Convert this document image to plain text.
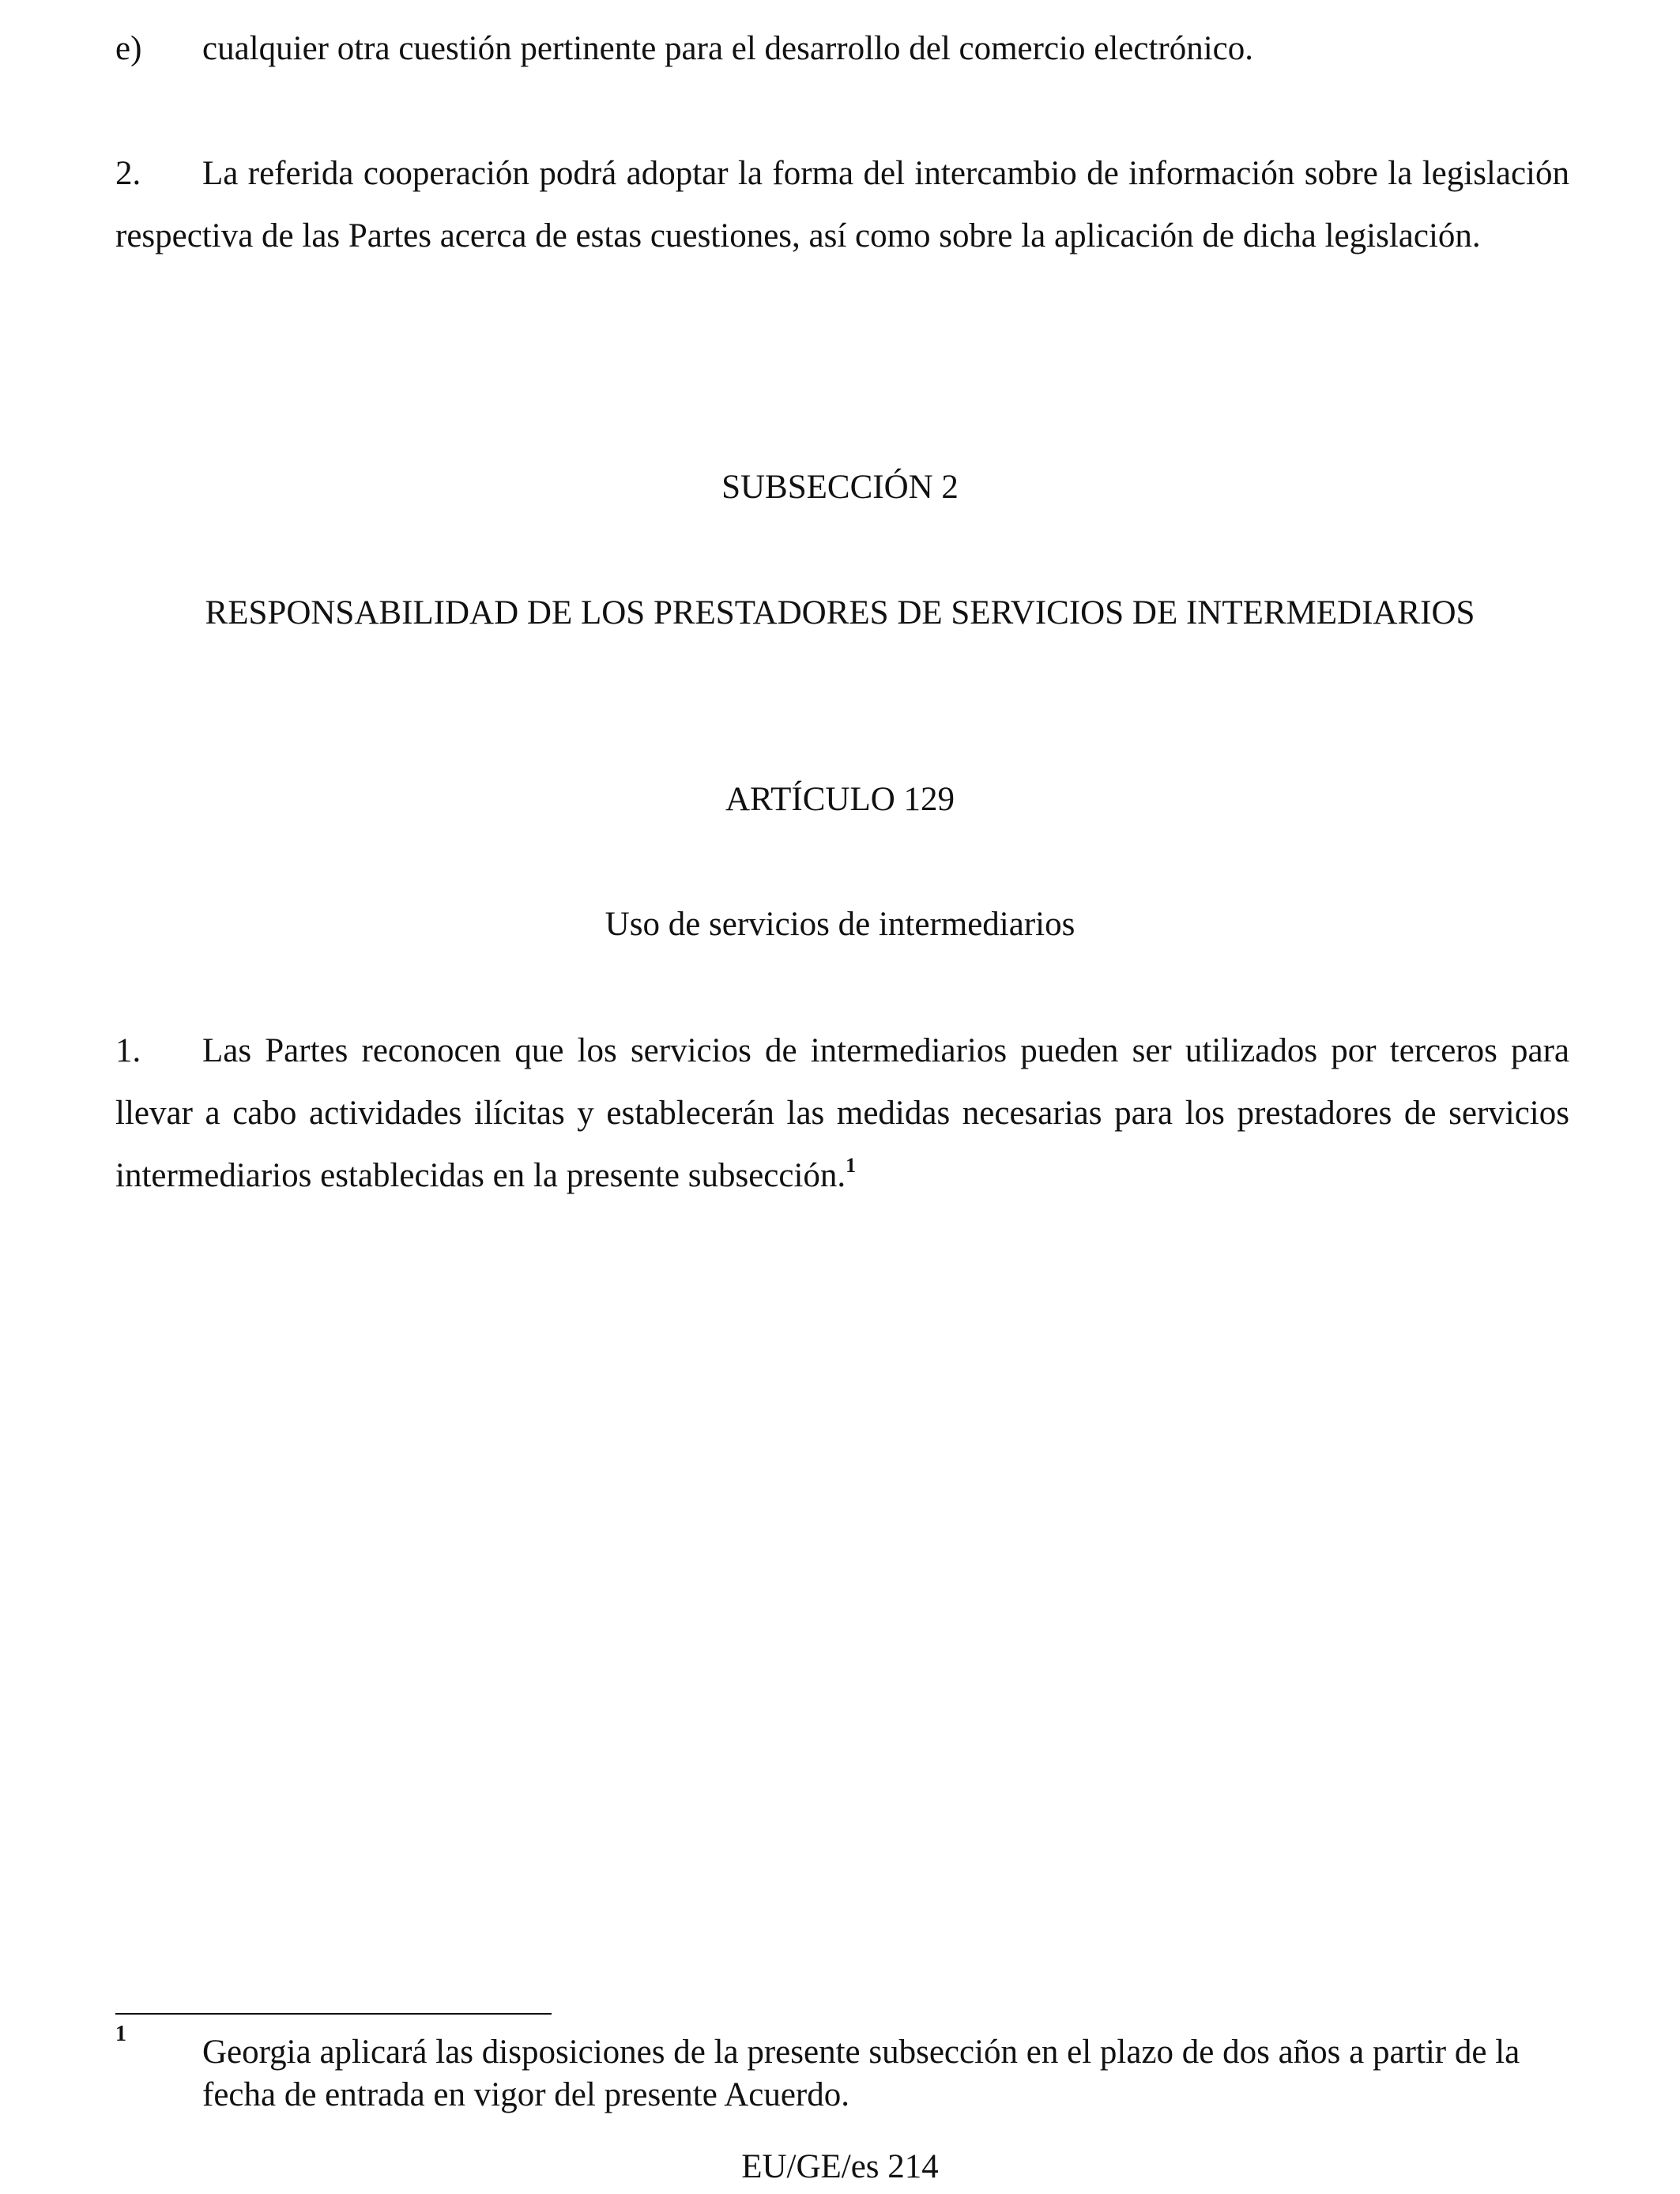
e) cualquier otra cuestión pertinente para el desarrollo del comercio electrónico.
2. La referida cooperación podrá adoptar la forma del intercambio de información sobre la legislación respectiva de las Partes acerca de estas cuestiones, así como sobre la aplicación de dicha legislación.
SUBSECCIÓN 2
RESPONSABILIDAD DE LOS PRESTADORES DE SERVICIOS DE INTERMEDIARIOS
ARTÍCULO 129
Uso de servicios de intermediarios
1. Las Partes reconocen que los servicios de intermediarios pueden ser utilizados por terceros para llevar a cabo actividades ilícitas y establecerán las medidas necesarias para los prestadores de servicios intermediarios establecidas en la presente subsección.$^1$
1 Georgia aplicará las disposiciones de la presente subsección en el plazo de dos años a partir de la fecha de entrada en vigor del presente Acuerdo.
EU/GE/es 214
